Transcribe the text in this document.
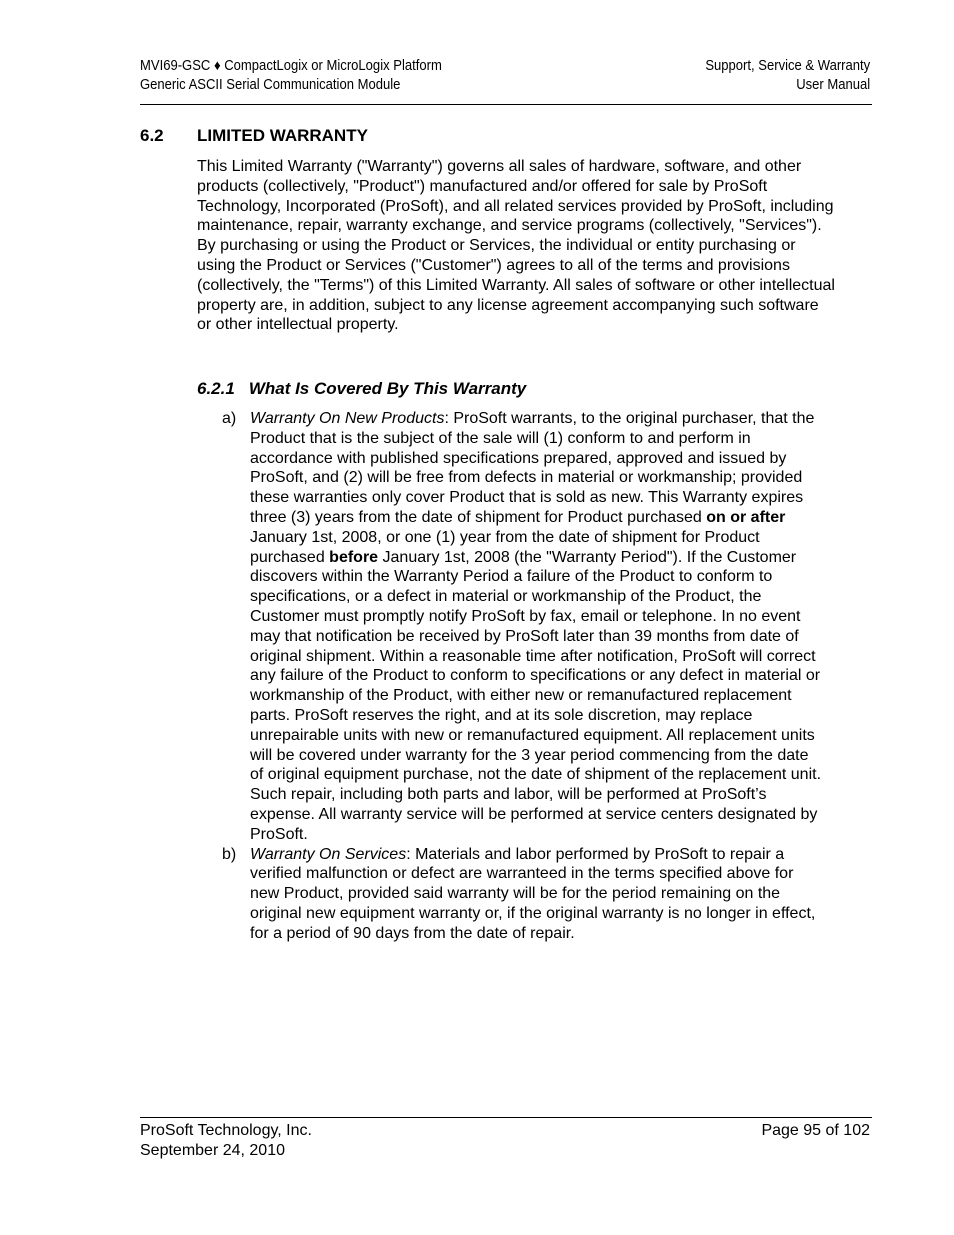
MVI69-GSC ♦ CompactLogix or MicroLogix Platform
Generic ASCII Serial Communication Module
Support, Service & Warranty
User Manual
6.2 LIMITED WARRANTY
This Limited Warranty ("Warranty") governs all sales of hardware, software, and other products (collectively, "Product") manufactured and/or offered for sale by ProSoft Technology, Incorporated (ProSoft), and all related services provided by ProSoft, including maintenance, repair, warranty exchange, and service programs (collectively, "Services"). By purchasing or using the Product or Services, the individual or entity purchasing or using the Product or Services ("Customer") agrees to all of the terms and provisions (collectively, the "Terms") of this Limited Warranty. All sales of software or other intellectual property are, in addition, subject to any license agreement accompanying such software or other intellectual property.
6.2.1 What Is Covered By This Warranty
a) Warranty On New Products: ProSoft warrants, to the original purchaser, that the Product that is the subject of the sale will (1) conform to and perform in accordance with published specifications prepared, approved and issued by ProSoft, and (2) will be free from defects in material or workmanship; provided these warranties only cover Product that is sold as new. This Warranty expires three (3) years from the date of shipment for Product purchased on or after January 1st, 2008, or one (1) year from the date of shipment for Product purchased before January 1st, 2008 (the "Warranty Period"). If the Customer discovers within the Warranty Period a failure of the Product to conform to specifications, or a defect in material or workmanship of the Product, the Customer must promptly notify ProSoft by fax, email or telephone. In no event may that notification be received by ProSoft later than 39 months from date of original shipment. Within a reasonable time after notification, ProSoft will correct any failure of the Product to conform to specifications or any defect in material or workmanship of the Product, with either new or remanufactured replacement parts. ProSoft reserves the right, and at its sole discretion, may replace unrepairable units with new or remanufactured equipment. All replacement units will be covered under warranty for the 3 year period commencing from the date of original equipment purchase, not the date of shipment of the replacement unit. Such repair, including both parts and labor, will be performed at ProSoft’s expense. All warranty service will be performed at service centers designated by ProSoft.
b) Warranty On Services: Materials and labor performed by ProSoft to repair a verified malfunction or defect are warranteed in the terms specified above for new Product, provided said warranty will be for the period remaining on the original new equipment warranty or, if the original warranty is no longer in effect, for a period of 90 days from the date of repair.
ProSoft Technology, Inc.
September 24, 2010
Page 95 of 102
